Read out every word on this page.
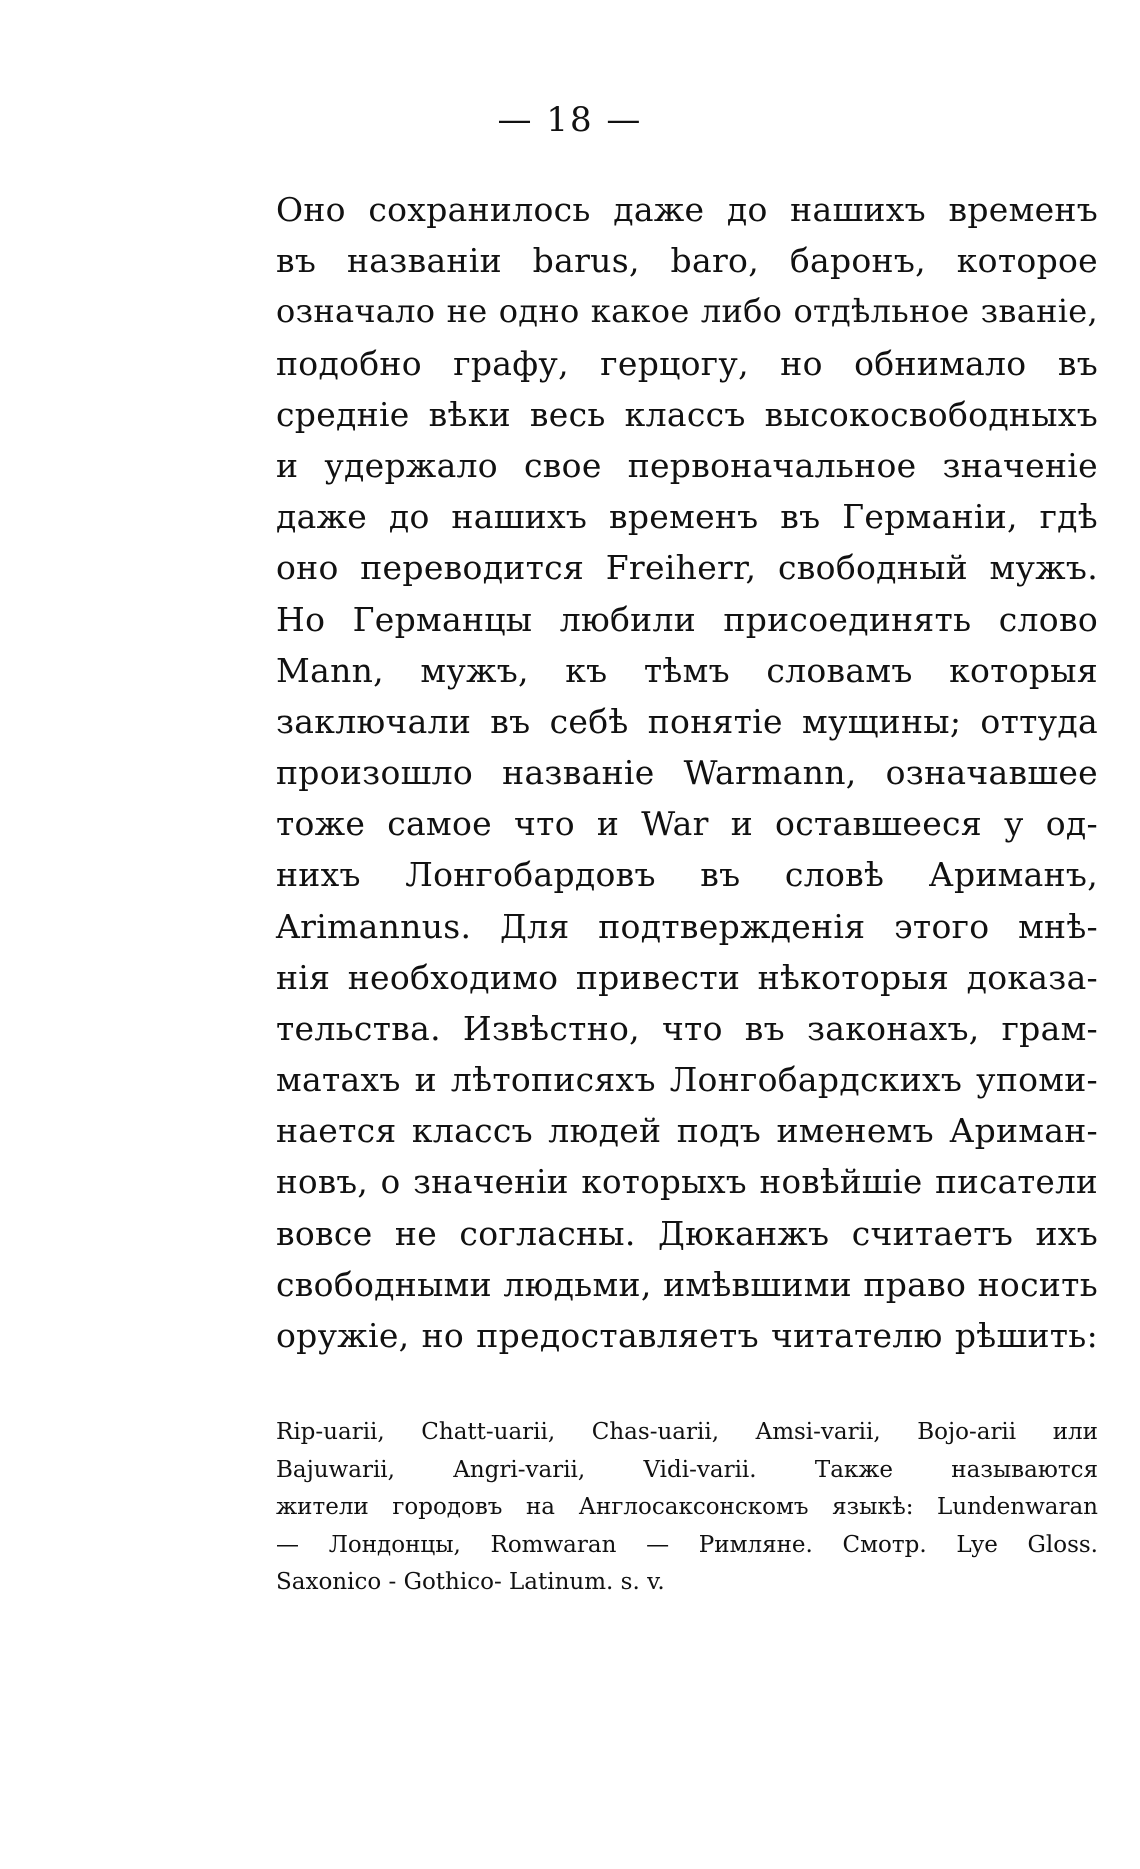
— 18 —
Оно сохранилось даже до нашихъ временъ
въ названіи barus, baro, баронъ, которое
означало не одно какое либо отдѣльное званіе,
подобно графу, герцогу, но обнимало въ
средніе вѣки весь классъ высокосвободныхъ
и удержало свое первоначальное значеніе
даже до нашихъ временъ въ Германіи, гдѣ
оно переводится Freiherr, свободный мужъ.
Но Германцы любили присоединять слово
Mann, мужъ, къ тѣмъ словамъ которыя
заключали въ себѣ понятіе мущины; оттуда
произошло названіе Warmann, означавшее
тоже самое что и War и оставшееся у од-
нихъ Лонгобардовъ въ словѣ Ариманъ,
Arimannus. Для подтвержденія этого мнѣ-
нія необходимо привести нѣкоторыя доказа-
тельства. Извѣстно, что въ законахъ, грам-
матахъ и лѣтописяхъ Лонгобардскихъ упоми-
нается классъ людей подъ именемъ Ариман-
новъ, о значеніи которыхъ новѣйшіе писатели
вовсе не согласны. Дюканжъ считаетъ ихъ
свободными людьми, имѣвшими право носить
оружіе, но предоставляетъ читателю рѣшить:
Rip-uarii, Chatt-uarii, Chas-uarii, Amsi-varii, Bojo-arii или
Bajuwarii, Angri-varii, Vidi-varii. Также называются
жители городовъ на Англосаксонскомъ языкѣ: Lundenwaran
— Лондонцы, Romwaran — Римляне. Смотр. Lye Gloss.
Saxonico - Gothico- Latinum. s. v.
